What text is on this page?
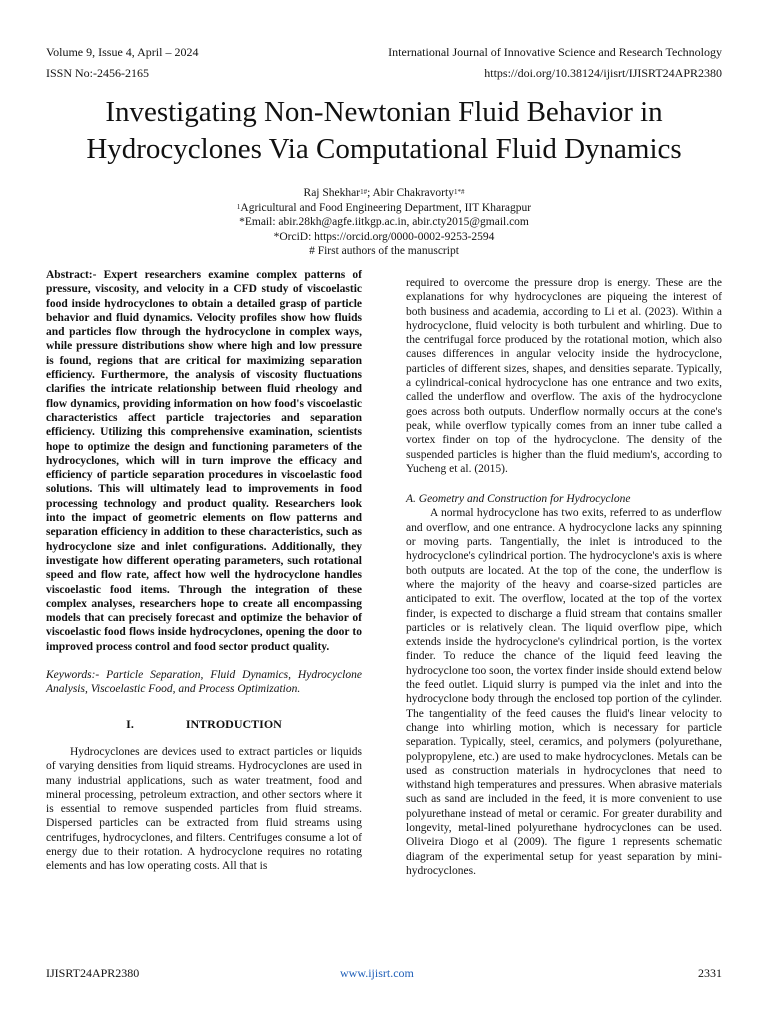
Volume 9, Issue 4, April – 2024	International Journal of Innovative Science and Research Technology
ISSN No:-2456-2165	https://doi.org/10.38124/ijisrt/IJISRT24APR2380
Investigating Non-Newtonian Fluid Behavior in
Hydrocyclones Via Computational Fluid Dynamics
Raj Shekhar$^{1\#}$; Abir Chakravorty$^{1*\#}$
$^1$Agricultural and Food Engineering Department, IIT Kharagpur
*Email: abir.28kh@agfe.iitkgp.ac.in, abir.cty2015@gmail.com
*OrciD: https://orcid.org/0000-0002-9253-2594
# First authors of the manuscript

Abstract:- Expert researchers examine complex patterns of pressure, viscosity, and velocity in a CFD study of viscoelastic food inside hydrocyclones to obtain a detailed grasp of particle behavior and fluid dynamics. Velocity profiles show how fluids and particles flow through the hydrocyclone in complex ways, while pressure distributions show where high and low pressure is found, regions that are critical for maximizing separation efficiency. Furthermore, the analysis of viscosity fluctuations clarifies the intricate relationship between fluid rheology and flow dynamics, providing information on how food's viscoelastic characteristics affect particle trajectories and separation efficiency. Utilizing this comprehensive examination, scientists hope to optimize the design and functioning parameters of the hydrocyclones, which will in turn improve the efficacy and efficiency of particle separation procedures in viscoelastic food solutions. This will ultimately lead to improvements in food processing technology and product quality. Researchers look into the impact of geometric elements on flow patterns and separation efficiency in addition to these characteristics, such as hydrocyclone size and inlet configurations. Additionally, they investigate how different operating parameters, such rotational speed and flow rate, affect how well the hydrocyclone handles viscoelastic food items. Through the integration of these complex analyses, researchers hope to create all encompassing models that can precisely forecast and optimize the behavior of viscoelastic food flows inside hydrocyclones, opening the door to improved process control and food sector product quality.

Keywords:- Particle Separation, Fluid Dynamics, Hydrocyclone Analysis, Viscoelastic Food, and Process Optimization.

I.	INTRODUCTION

Hydrocyclones are devices used to extract particles or liquids of varying densities from liquid streams. Hydrocyclones are used in many industrial applications, such as water treatment, food and mineral processing, petroleum extraction, and other sectors where it is essential to remove suspended particles from fluid streams. Dispersed particles can be extracted from fluid streams using centrifuges, hydrocyclones, and filters. Centrifuges consume a lot of energy due to their rotation. A hydrocyclone requires no rotating elements and has low operating costs. All that is

required to overcome the pressure drop is energy. These are the explanations for why hydrocyclones are piqueing the interest of both business and academia, according to Li et al. (2023). Within a hydrocyclone, fluid velocity is both turbulent and whirling. Due to the centrifugal force produced by the rotational motion, which also causes differences in angular velocity inside the hydrocyclone, particles of different sizes, shapes, and densities separate. Typically, a cylindrical-conical hydrocyclone has one entrance and two exits, called the underflow and overflow. The axis of the hydrocyclone goes across both outputs. Underflow normally occurs at the cone's peak, while overflow typically comes from an inner tube called a vortex finder on top of the hydrocyclone. The density of the suspended particles is higher than the fluid medium's, according to Yucheng et al. (2015).

A. Geometry and Construction for Hydrocyclone

A normal hydrocyclone has two exits, referred to as underflow and overflow, and one entrance. A hydrocyclone lacks any spinning or moving parts. Tangentially, the inlet is introduced to the hydrocyclone's cylindrical portion. The hydrocyclone's axis is where both outputs are located. At the top of the cone, the underflow is where the majority of the heavy and coarse-sized particles are anticipated to exit. The overflow, located at the top of the vortex finder, is expected to discharge a fluid stream that contains smaller particles or is relatively clean. The liquid overflow pipe, which extends inside the hydrocyclone's cylindrical portion, is the vortex finder. To reduce the chance of the liquid feed leaving the hydrocyclone too soon, the vortex finder inside should extend below the feed outlet. Liquid slurry is pumped via the inlet and into the hydrocyclone body through the enclosed top portion of the cylinder. The tangentiality of the feed causes the fluid's linear velocity to change into whirling motion, which is necessary for particle separation. Typically, steel, ceramics, and polymers (polyurethane, polypropylene, etc.) are used to make hydrocyclones. Metals can be used as construction materials in hydrocyclones that need to withstand high temperatures and pressures. When abrasive materials such as sand are included in the feed, it is more convenient to use polyurethane instead of metal or ceramic. For greater durability and longevity, metal-lined polyurethane hydrocyclones can be used. Oliveira Diogo et al (2009). The figure 1 represents schematic diagram of the experimental setup for yeast separation by mini-hydrocyclones.

IJISRT24APR2380	www.ijisrt.com	2331
